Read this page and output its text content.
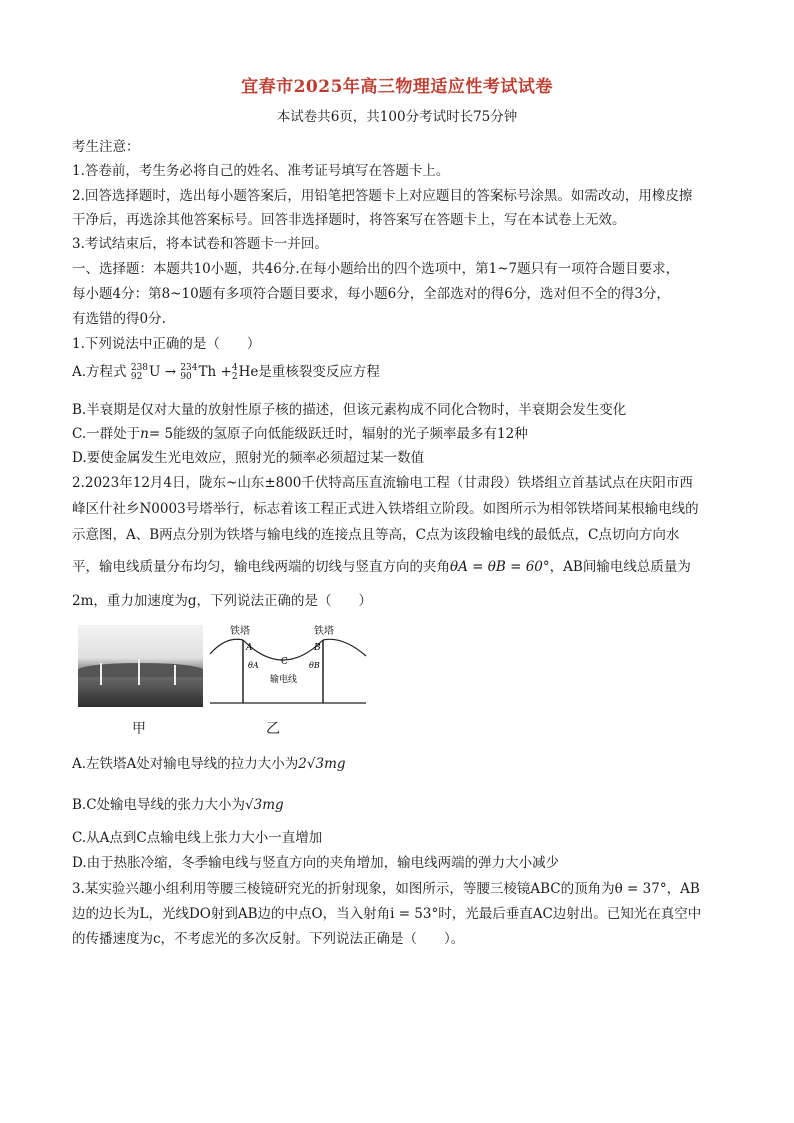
宜春市2025年高三物理适应性考试试卷
本试卷共6页，共100分考试时长75分钟
考生注意：
1.答卷前，考生务必将自己的姓名、准考证号填写在答题卡上。
2.回答选择题时，选出每小题答案后，用铅笔把答题卡上对应题目的答案标号涂黑。如需改动，用橡皮擦
干净后，再选涂其他答案标号。回答非选择题时，将答案写在答题卡上，写在本试卷上无效。
3.考试结束后，将本试卷和答题卡一并回。
一、选择题：本题共10小题，共46分.在每小题给出的四个选项中，第1~7题只有一项符合题目要求，
每小题4分：第8~10题有多项符合题目要求，每小题6分，全部选对的得6分，选对但不全的得3分，
有选错的得0分.
1.下列说法中正确的是（　　）
A.方程式 238
92 U → 234
90 Th + 4
2 He是重核裂变反应方程
B.半衰期是仅对大量的放射性原子核的描述，但该元素构成不同化合物时，半衰期会发生变化
C.一群处于n= 5能级的氢原子向低能级跃迁时，辐射的光子频率最多有12种
D.要使金属发生光电效应，照射光的频率必须超过某一数值
2.2023年12月4日，陇东~山东±800千伏特高压直流输电工程（甘肃段）铁塔组立首基试点在庆阳市西
峰区什社乡N0003号塔举行，标志着该工程正式进入铁塔组立阶段。如图所示为相邻铁塔间某根输电线的
示意图，A、B两点分别为铁塔与输电线的连接点且等高，C点为该段输电线的最低点，C点切向方向水
平，输电线质量分布均匀，输电线两端的切线与竖直方向的夹角θA = θB = 60°，AB间输电线总质量为
2m，重力加速度为g，下列说法正确的是（　　）
甲
铁塔	铁塔
A	B
C
θA	θB
输电线
乙
A.左铁塔A处对输电导线的拉力大小为2√3mg
B.C处输电导线的张力大小为√3mg
C.从A点到C点输电线上张力大小一直增加
D.由于热胀冷缩，冬季输电线与竖直方向的夹角增加，输电线两端的弹力大小减少
3.某实验兴趣小组利用等腰三棱镜研究光的折射现象，如图所示，等腰三棱镜ABC的顶角为θ = 37°，AB
边的边长为L，光线DO射到AB边的中点O，当入射角i = 53°时，光最后垂直AC边射出。已知光在真空中
的传播速度为c，不考虑光的多次反射。下列说法正确是（　　）。
